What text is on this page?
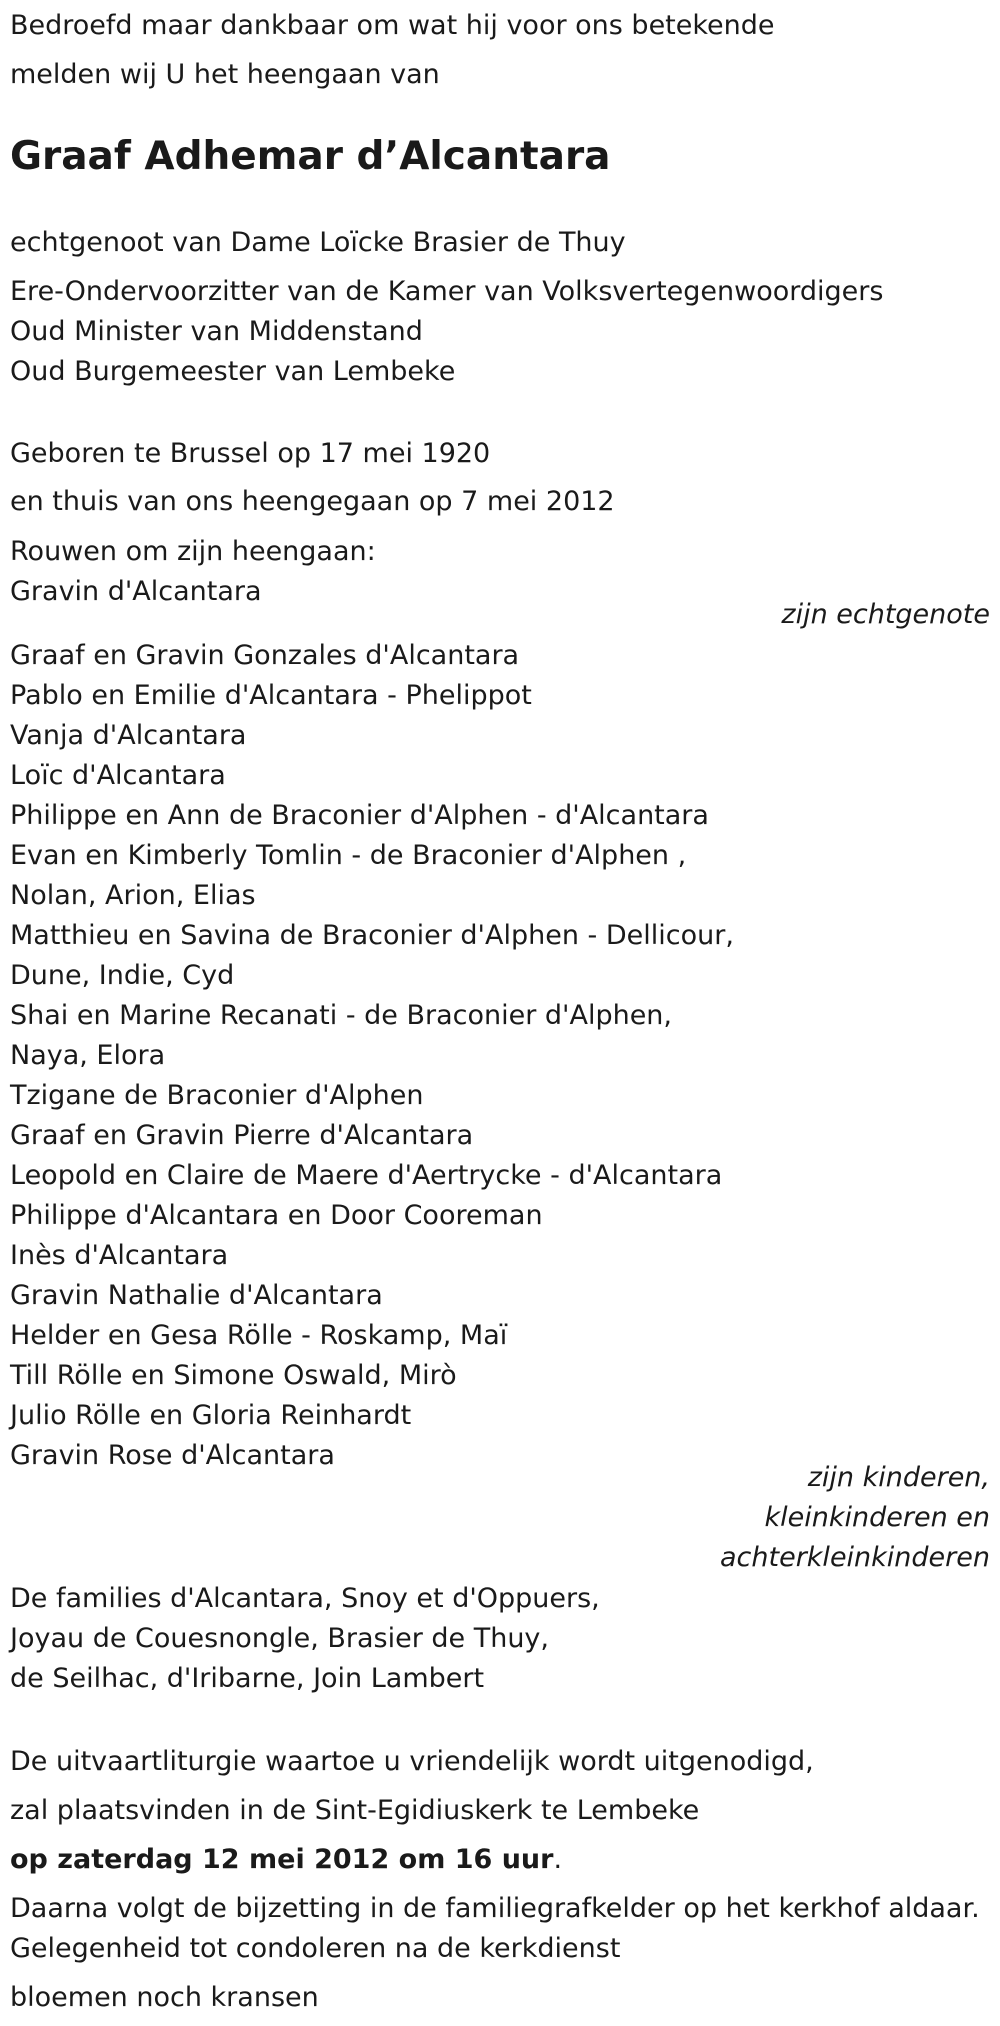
Bedroefd maar dankbaar om wat hij voor ons betekende
melden wij U het heengaan van
Graaf Adhemar d’Alcantara
echtgenoot van Dame Loïcke Brasier de Thuy
Ere-Ondervoorzitter van de Kamer van Volksvertegenwoordigers
Oud Minister van Middenstand
Oud Burgemeester van Lembeke
Geboren te Brussel op 17 mei 1920
en thuis van ons heengegaan op 7 mei 2012
Rouwen om zijn heengaan:
Gravin d'Alcantara
zijn echtgenote
Graaf en Gravin Gonzales d'Alcantara
Pablo en Emilie d'Alcantara - Phelippot
Vanja d'Alcantara
Loïc d'Alcantara
Philippe en Ann de Braconier d'Alphen - d'Alcantara
Evan en Kimberly Tomlin - de Braconier d'Alphen ,
Nolan, Arion, Elias
Matthieu en Savina de Braconier d'Alphen - Dellicour,
Dune, Indie, Cyd
Shai en Marine Recanati - de Braconier d'Alphen,
Naya, Elora
Tzigane de Braconier d'Alphen
Graaf en Gravin Pierre d'Alcantara
Leopold en Claire de Maere d'Aertrycke - d'Alcantara
Philippe d'Alcantara en Door Cooreman
Inès d'Alcantara
Gravin Nathalie d'Alcantara
Helder en Gesa Rölle - Roskamp, Maï
Till Rölle en Simone Oswald, Mirò
Julio Rölle en Gloria Reinhardt
Gravin Rose d'Alcantara
zijn kinderen,
kleinkinderen en
achterkleinkinderen
De families d'Alcantara, Snoy et d'Oppuers,
Joyau de Couesnongle, Brasier de Thuy,
de Seilhac, d'Iribarne, Join Lambert
De uitvaartliturgie waartoe u vriendelijk wordt uitgenodigd,
zal plaatsvinden in de Sint-Egidiuskerk te Lembeke
op zaterdag 12 mei 2012 om 16 uur.
Daarna volgt de bijzetting in de familiegrafkelder op het kerkhof aldaar.
Gelegenheid tot condoleren na de kerkdienst
bloemen noch kransen
